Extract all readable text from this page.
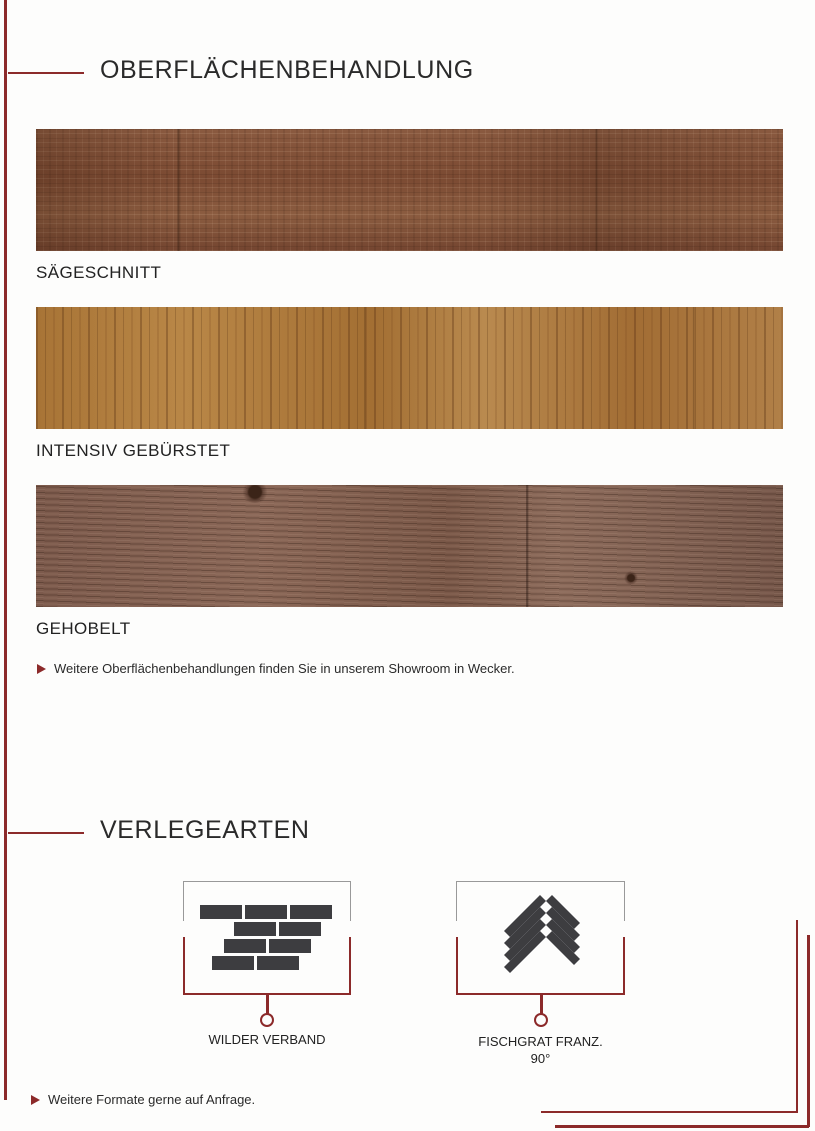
OBERFLÄCHENBEHANDLUNG

SÄGESCHNITT

INTENSIV GEBÜRSTET

GEHOBELT

Weitere Oberflächenbehandlungen finden Sie in unserem Showroom in Wecker.
VERLEGEARTEN
WILDER VERBAND	FISCHGRAT FRANZ.
90°
Weitere Formate gerne auf Anfrage.
